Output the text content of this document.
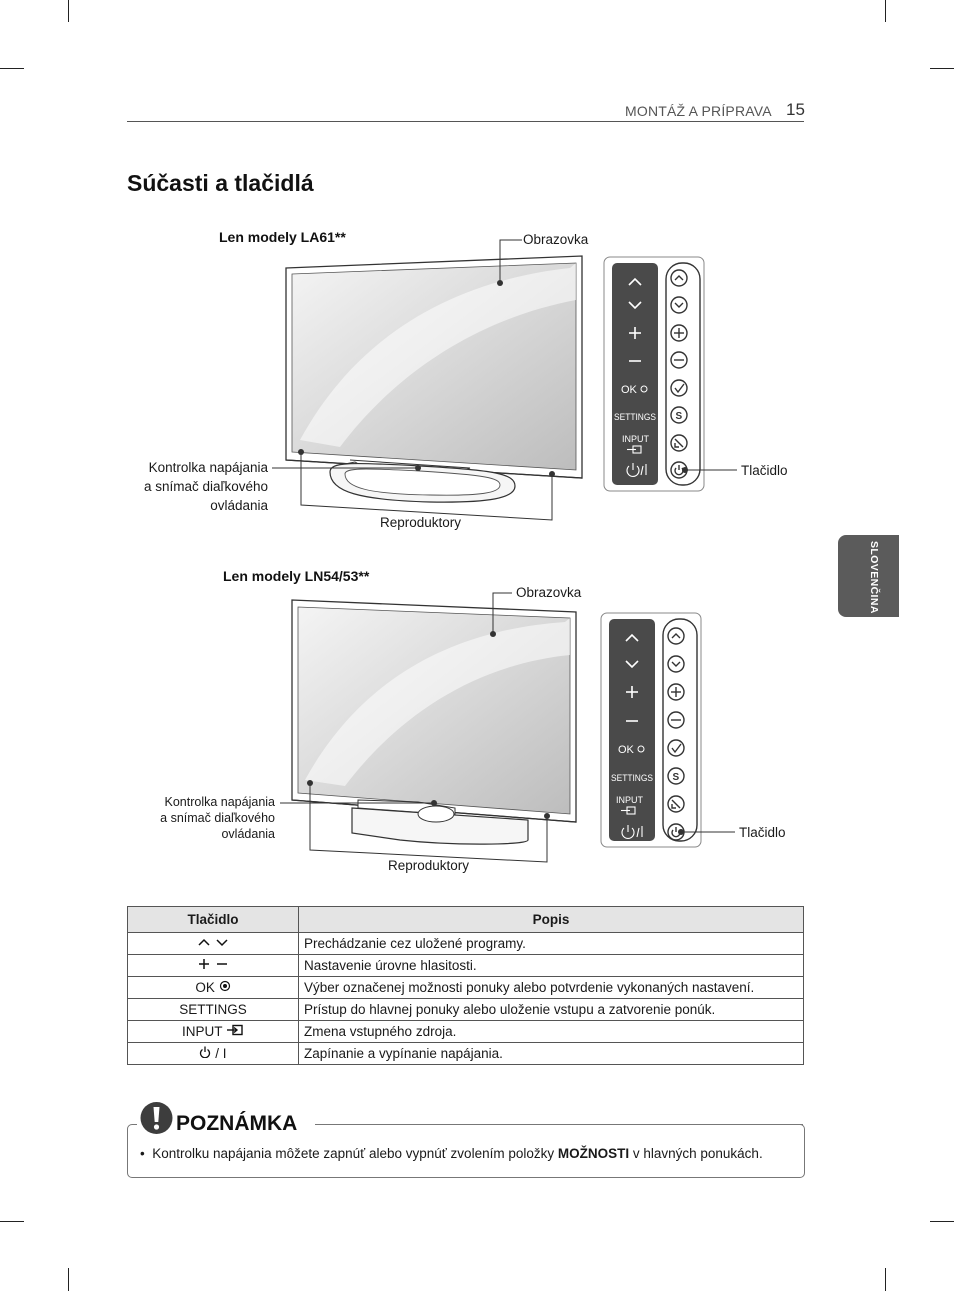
MONTÁŽ A PRÍPRAVA 15
Súčasti a tlačidlá
SLOVENČINA
OK
SETTINGS
INPUT
S
OK
SETTINGS
INPUT
S
Len modely LA61**	Obrazovka
Kontrolka napájania
a snímač diaľkového
ovládania
Reproduktory
Tlačidlo
Len modely LN54/53**
Obrazovka
Kontrolka napájania
a snímač diaľkového
ovládania
Reproduktory
Tlačidlo
Tlačidlo	Popis
	Prechádzanie cez uložené programy.
	Nastavenie úrovne hlasitosti.
OK	Výber označenej možnosti ponuky alebo potvrdenie vykonaných nastavení.
SETTINGS	Prístup do hlavnej ponuky alebo uloženie vstupu a zatvorenie ponúk.
INPUT	Zmena vstupného zdroja.
/ I	Zapínanie a vypínanie napájania.
POZNÁMKA
•  Kontrolku napájania môžete zapnúť alebo vypnúť zvolením položky MOŽNOSTI v hlavných ponukách.
